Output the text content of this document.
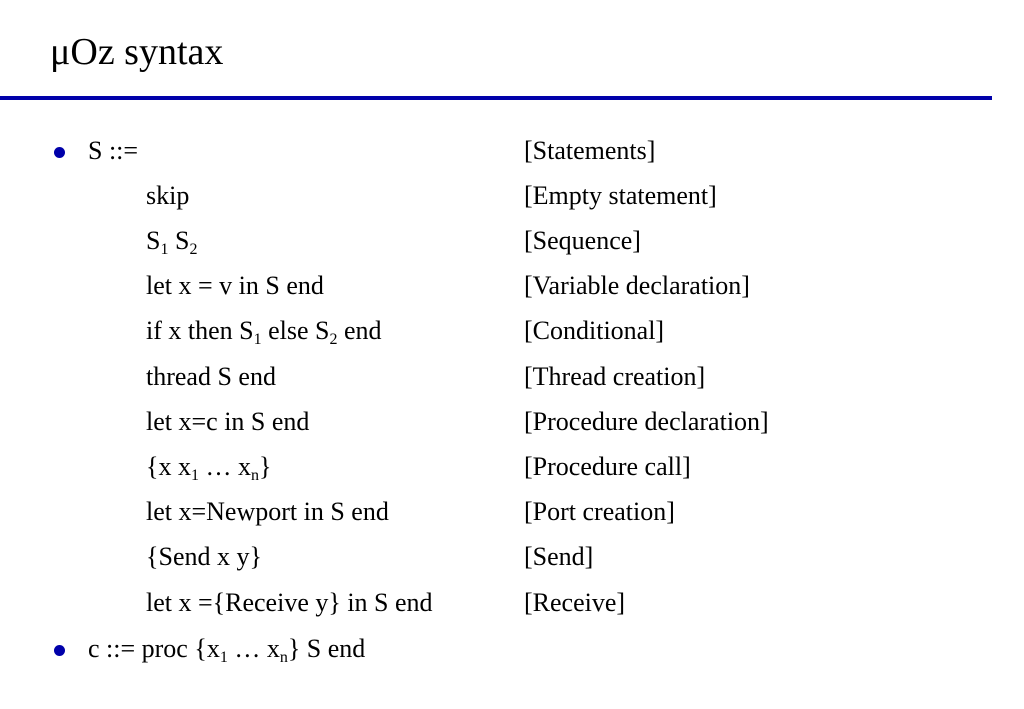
μOz syntax
S ::=	[Statements]
skip	[Empty statement]
$S_1$ $S_2$	[Sequence]
let x = v in S end	[Variable declaration]
if x then $S_1$ else $S_2$ end	[Conditional]
thread S end	[Thread creation]
let x=c in S end	[Procedure declaration]
{x $x_1$ … $x_n$}	[Procedure call]
let x=Newport in S end	[Port creation]
{Send x y}	[Send]
let x ={Receive y} in S end	[Receive]
c ::= proc {$x_1$ … $x_n$} S end
